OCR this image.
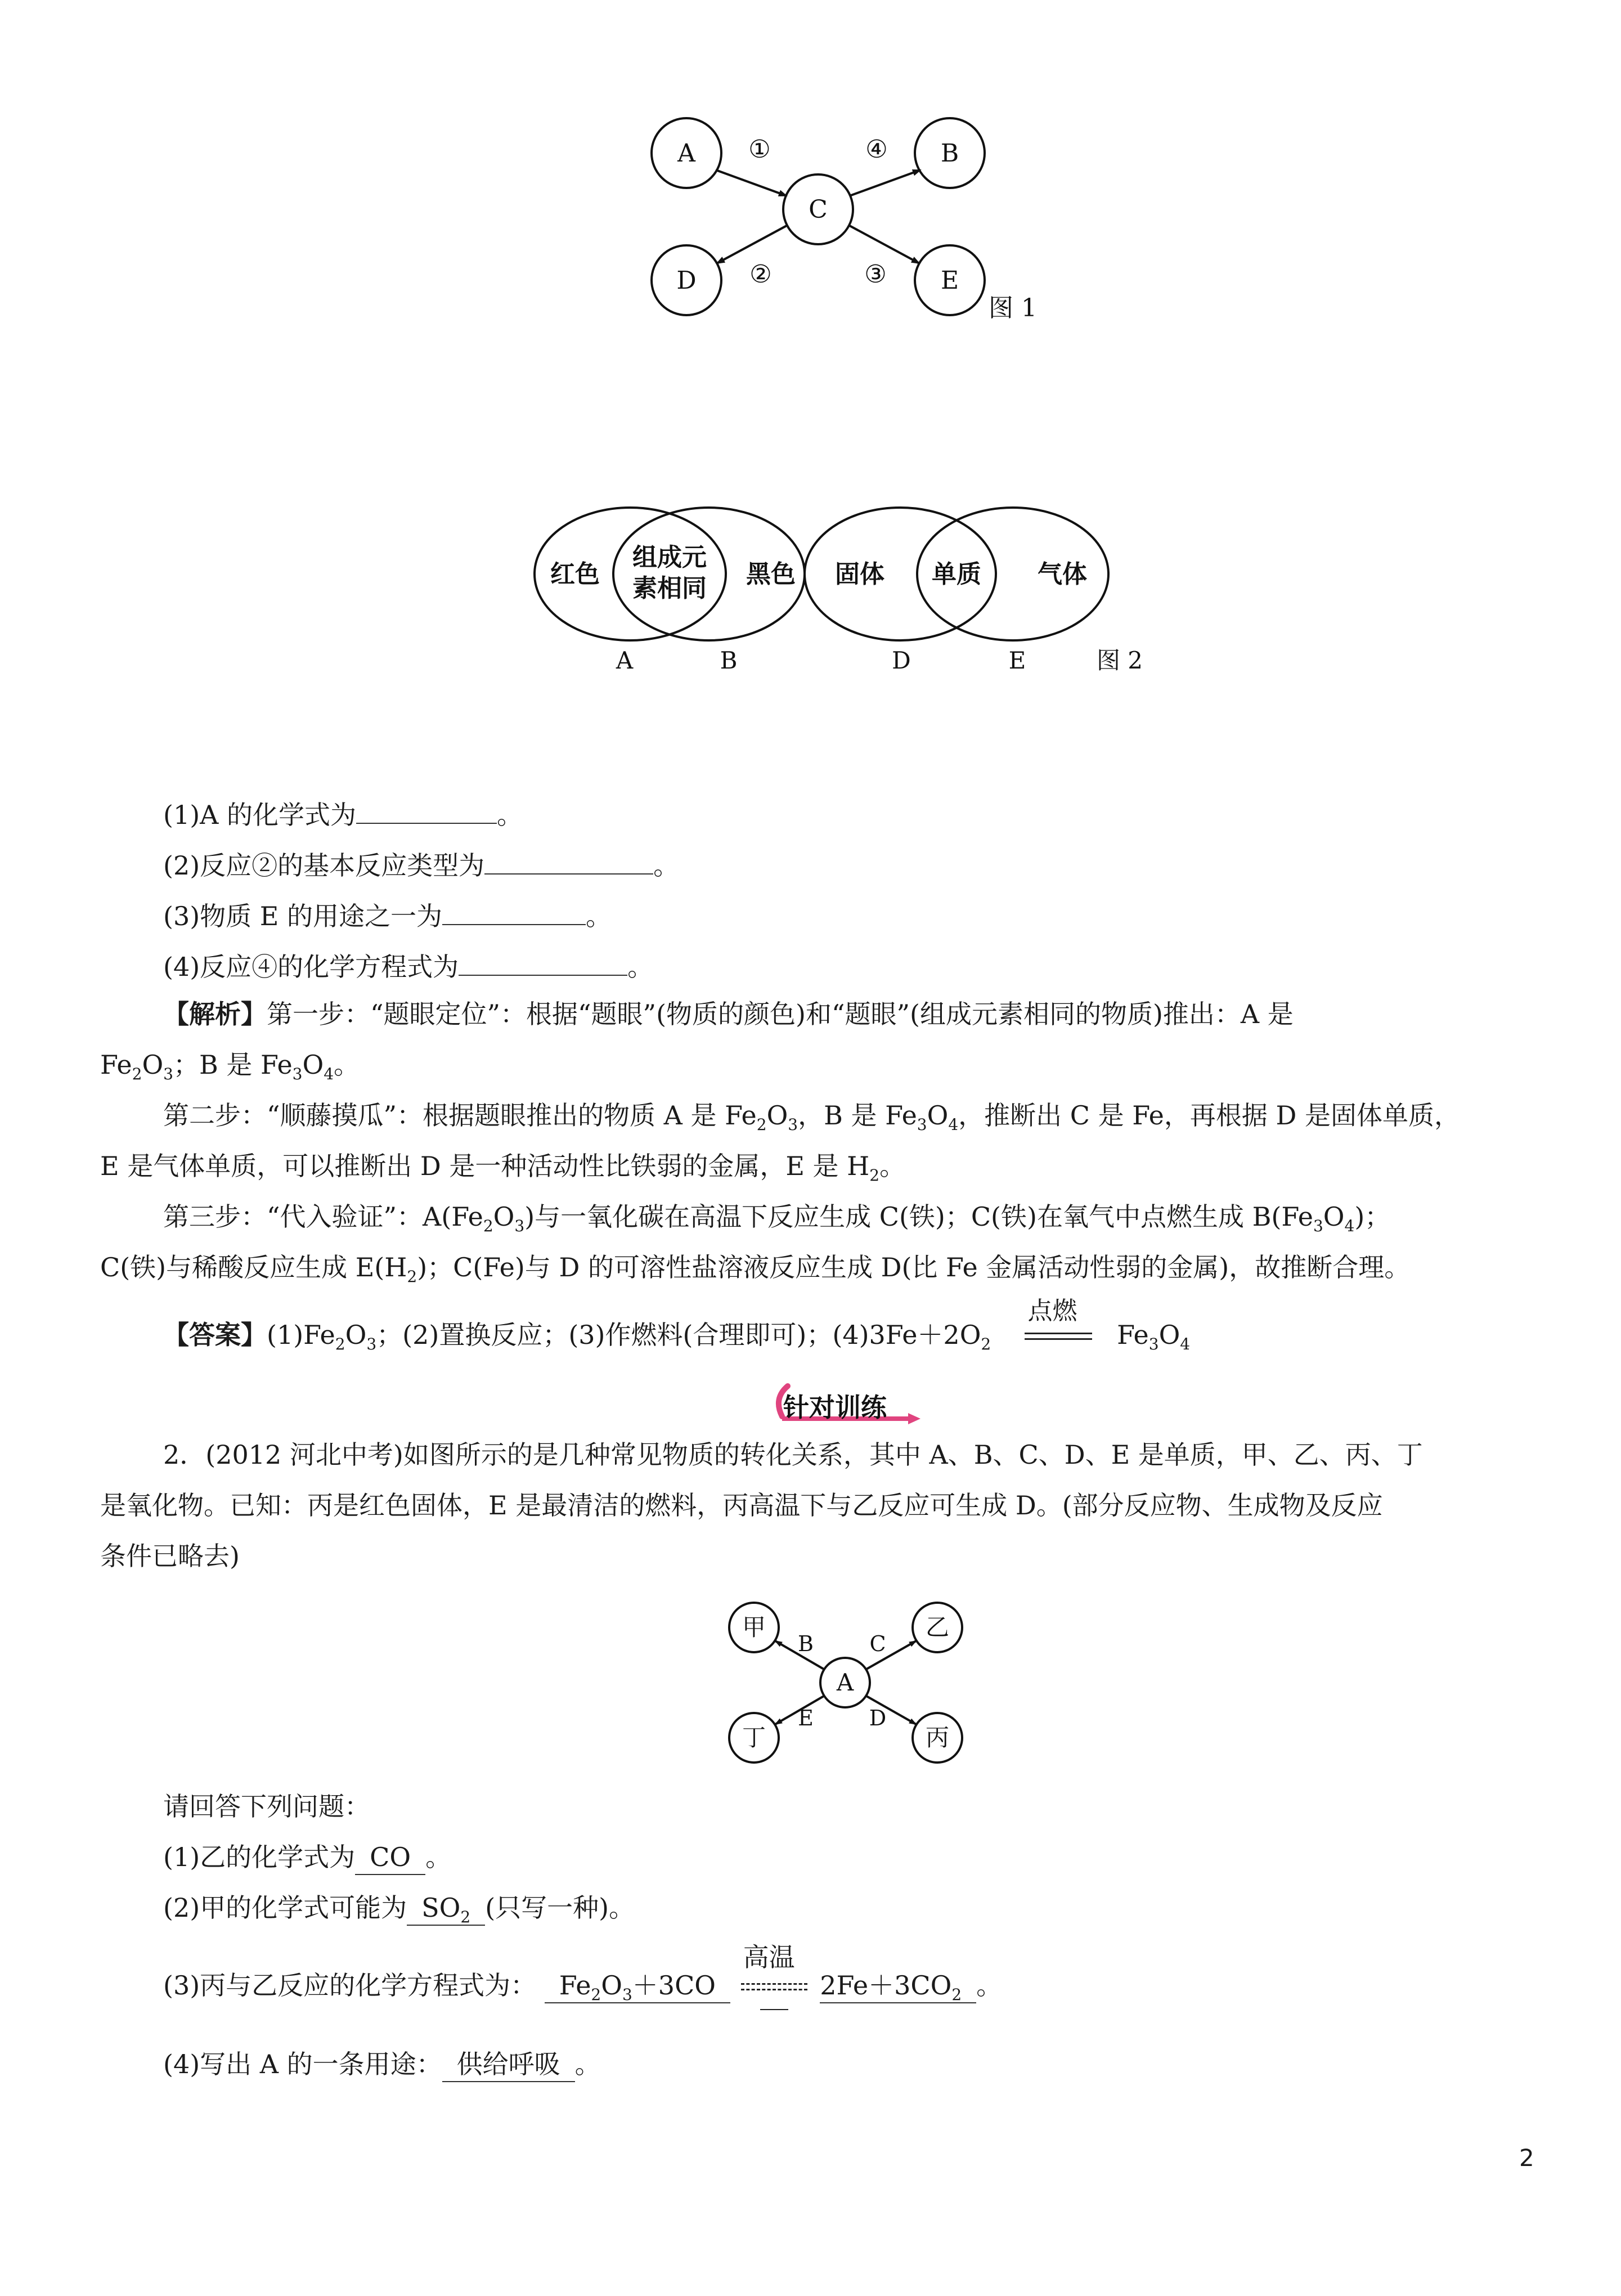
A	B
C
D	E
①	④
②	③
图 1
红色
组成元
素相同 黑色 固体 单质 气体
A	B	D	E	图 2
(1)A 的化学式为	。
(2)反应②的基本反应类型为	。
(3)物质 E 的用途之一为	。
(4)反应④的化学方程式为	。
【解析】第一步：“题眼定位”：根据“题眼”(物质的颜色)和“题眼”(组成元素相同的物质)推出：A 是
$Fe_2O_3$；B 是 $Fe_3O_4$。
第二步：“顺藤摸瓜”：根据题眼推出的物质 A 是 $Fe_2O_3$，B 是 $Fe_3O_4$，推断出 C 是 Fe，再根据 D 是固体单质，
E 是气体单质，可以推断出 D 是一种活动性比铁弱的金属，E 是 $H_2$。
第三步：“代入验证”：$A(Fe_2O_3)$与一氧化碳在高温下反应生成 C(铁)；C(铁)在氧气中点燃生成 $B(Fe_3O_4)$；
C(铁)与稀酸反应生成 $E(H_2)$；C(Fe)与 D 的可溶性盐溶液反应生成 D(比 Fe 金属活动性弱的金属)，故推断合理。
【答案】$(1)Fe_2O_3$；(2)置换反应；(3)作燃料(合理即可)；$(4)3Fe+2O_2$
点燃
$Fe_3O_4$
针对训练
2．(2012 河北中考)如图所示的是几种常见物质的转化关系，其中 A、B、C、D、E 是单质，甲、乙、丙、丁
是氧化物。已知：丙是红色固体，E 是最清洁的燃料，丙高温下与乙反应可生成 D。(部分反应物、生成物及反应
条件已略去)
甲	乙
A
丁	丙
B	C
E	D
请回答下列问题：
(1)乙的化学式为 CO 。
(2)甲的化学式可能为 $SO_2$ (只写一种)。
(3)丙与乙反应的化学方程式为： $Fe_2O_3+3CO$
高温
$2Fe+3CO_2$ 。
(4)写出 A 的一条用途： 供给呼吸 。
2
